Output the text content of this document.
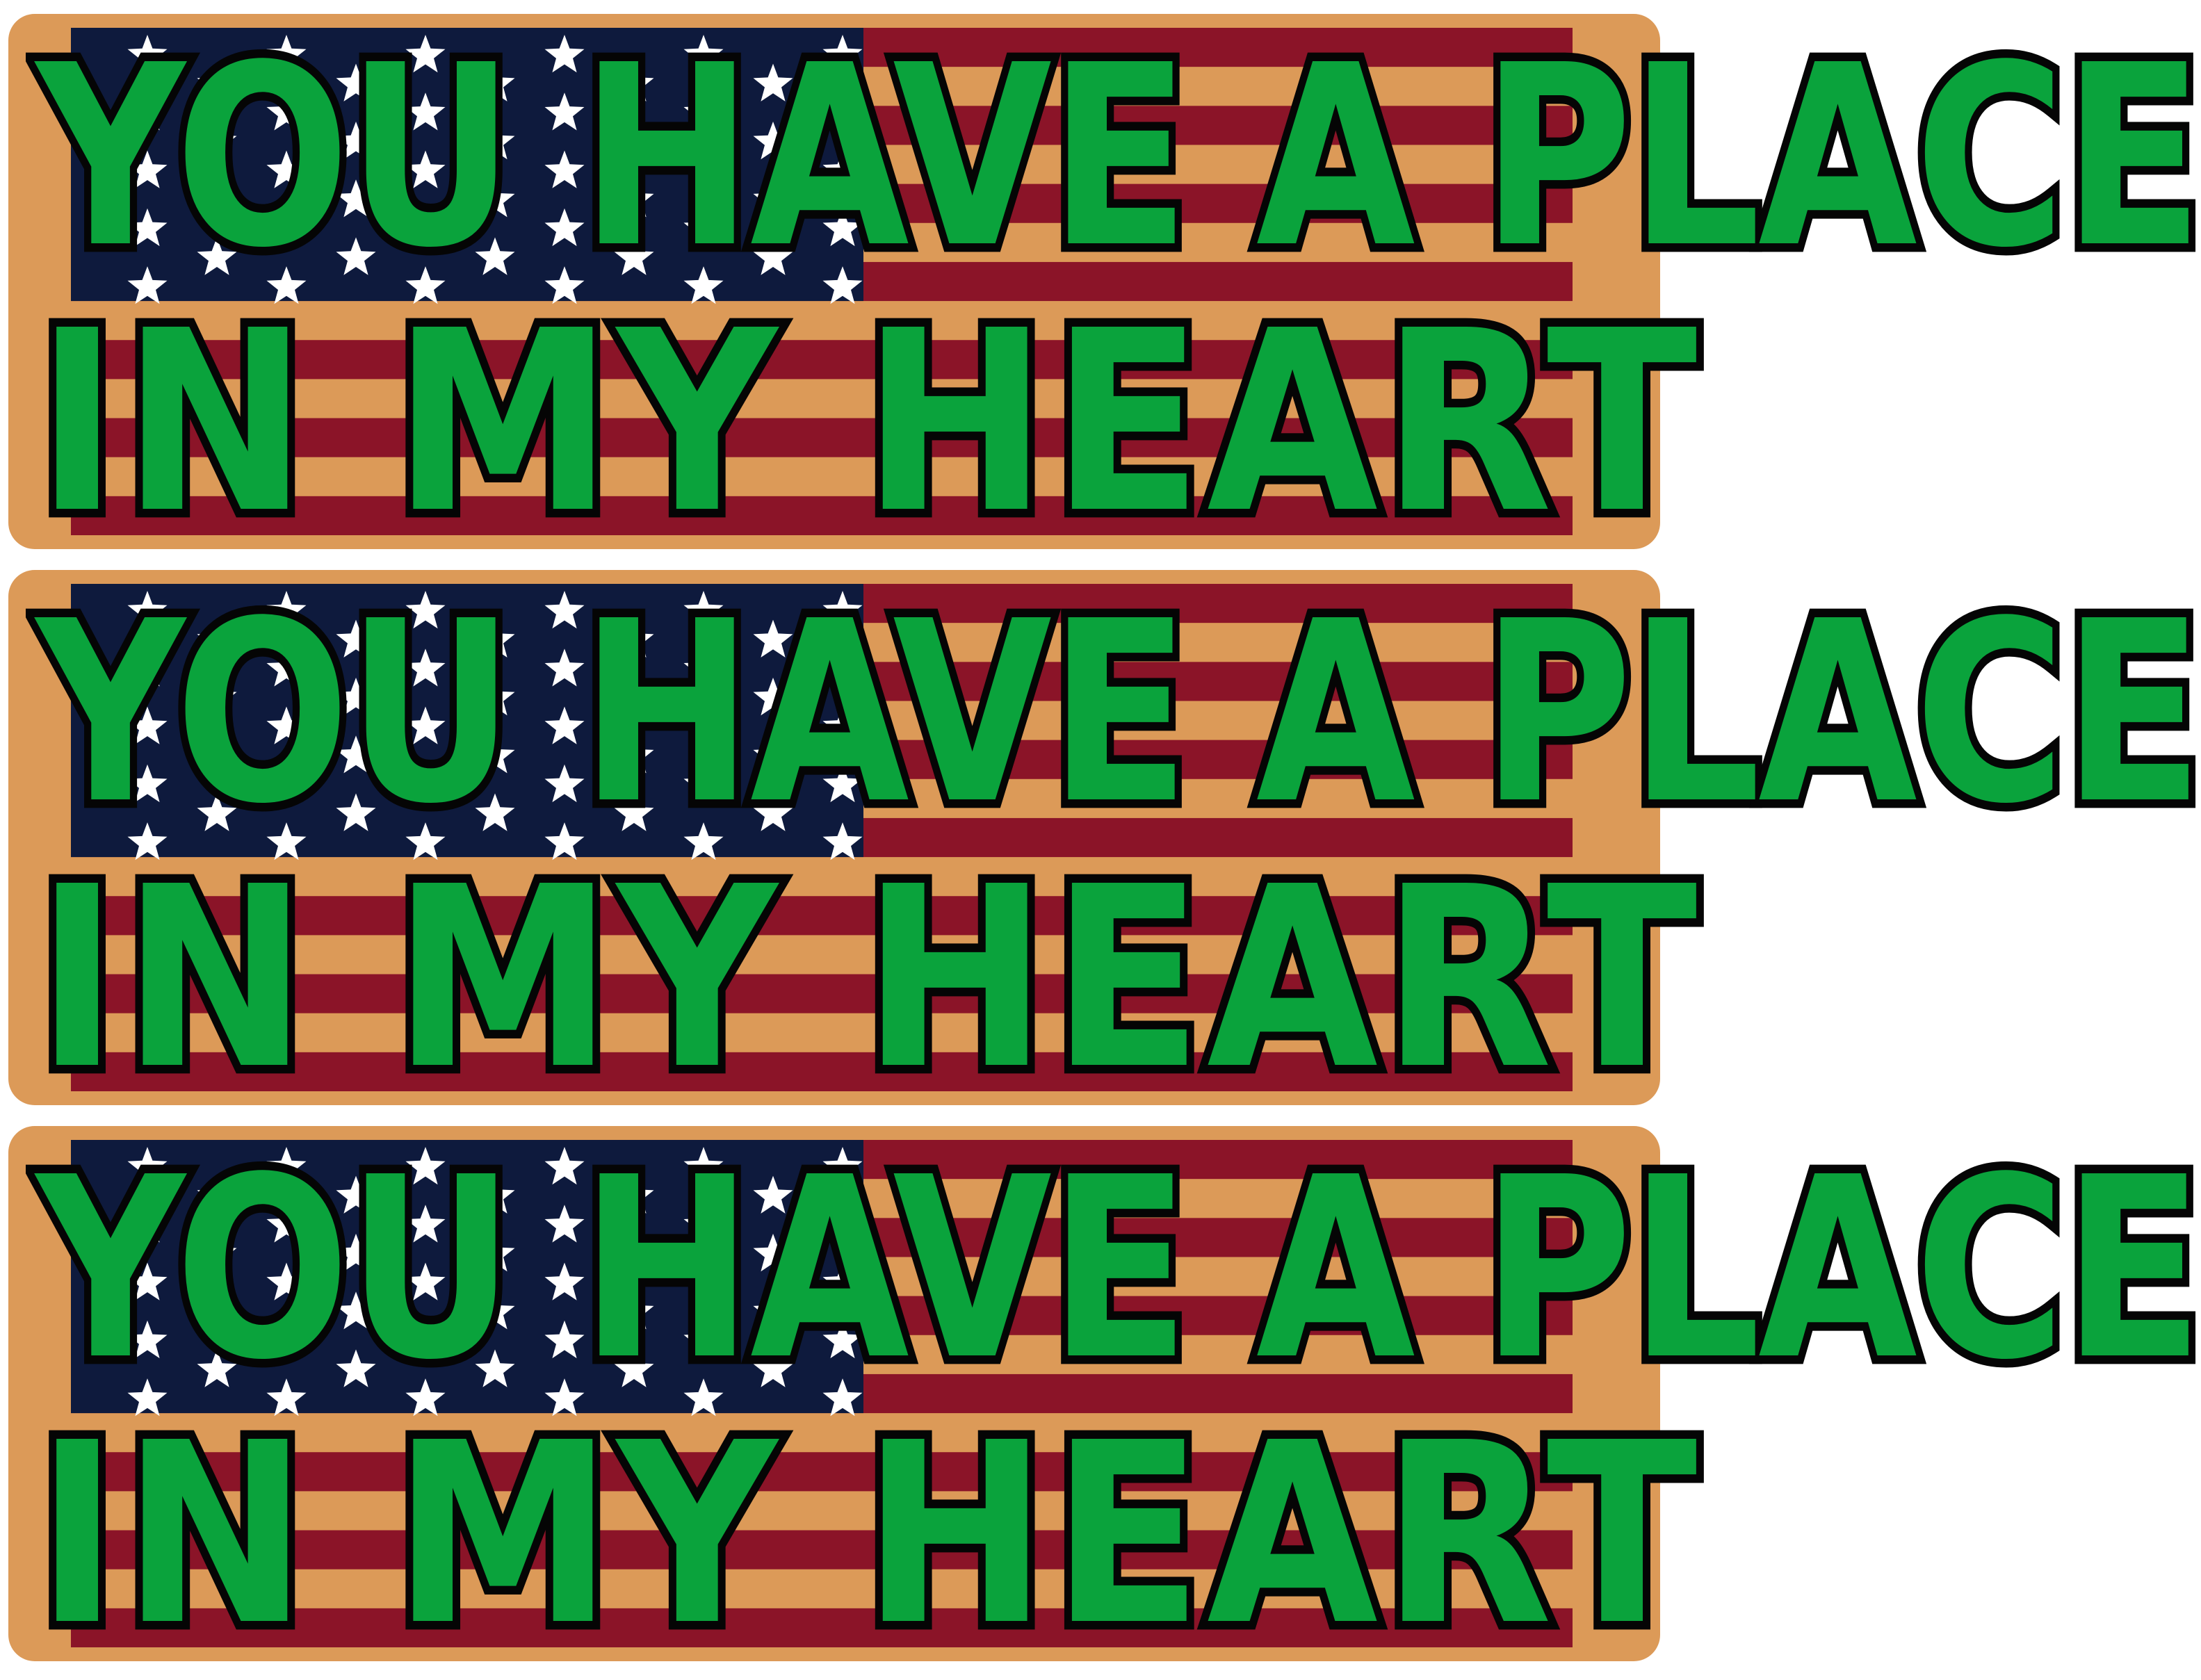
YOU HAVE A PLACE
IN MY HEART
YOU HAVE A PLACE
IN MY HEART
YOU HAVE A PLACE
IN MY HEART
